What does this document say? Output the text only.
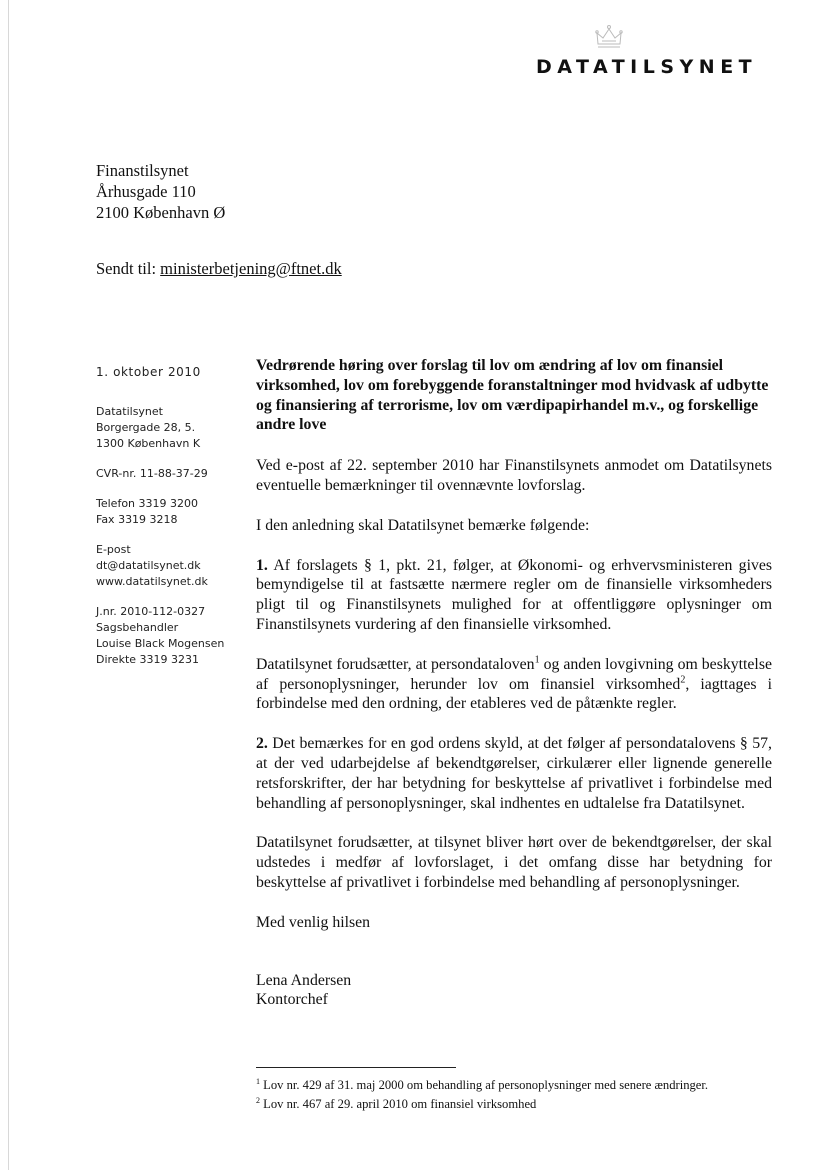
DATATILSYNET
Finanstilsynet
Århusgade 110
2100 København Ø
Sendt til: ministerbetjening@ftnet.dk
1. oktober 2010
Datatilsynet
Borgergade 28, 5.
1300 København K
CVR-nr. 11-88-37-29
Telefon 3319 3200
Fax 3319 3218
E-post
dt@datatilsynet.dk
www.datatilsynet.dk
J.nr. 2010-112-0327
Sagsbehandler
Louise Black Mogensen
Direkte 3319 3231
Vedrørende høring over forslag til lov om ændring af lov om finansiel virksomhed, lov om forebyggende foranstaltninger mod hvidvask af udbytte og finansiering af terrorisme, lov om værdipapirhandel m.v., og forskellige andre love

Ved e-post af 22. september 2010 har Finanstilsynets anmodet om Datatilsynets eventuelle bemærkninger til ovennævnte lovforslag.

I den anledning skal Datatilsynet bemærke følgende:

1. Af forslagets § 1, pkt. 21, følger, at Økonomi- og erhvervsministeren gives bemyndigelse til at fastsætte nærmere regler om de finansielle virksomheders pligt til og Finanstilsynets mulighed for at offentliggøre oplysninger om Finanstilsynets vurdering af den finansielle virksomhed.

Datatilsynet forudsætter, at persondataloven$^1$ og anden lovgivning om beskyttelse af personoplysninger, herunder lov om finansiel virksomhed$^2$, iagttages i forbindelse med den ordning, der etableres ved de påtænkte regler.

2. Det bemærkes for en god ordens skyld, at det følger af persondatalovens § 57, at der ved udarbejdelse af bekendtgørelser, cirkulærer eller lignende generelle retsforskrifter, der har betydning for beskyttelse af privatlivet i forbindelse med behandling af personoplysninger, skal indhentes en udtalelse fra Datatilsynet.

Datatilsynet forudsætter, at tilsynet bliver hørt over de bekendtgørelser, der skal udstedes i medfør af lovforslaget, i det omfang disse har betydning for beskyttelse af privatlivet i forbindelse med behandling af personoplysninger.

Med venlig hilsen
Lena Andersen
Kontorchef
$^1$ Lov nr. 429 af 31. maj 2000 om behandling af personoplysninger med senere ændringer.
$^2$ Lov nr. 467 af 29. april 2010 om finansiel virksomhed
